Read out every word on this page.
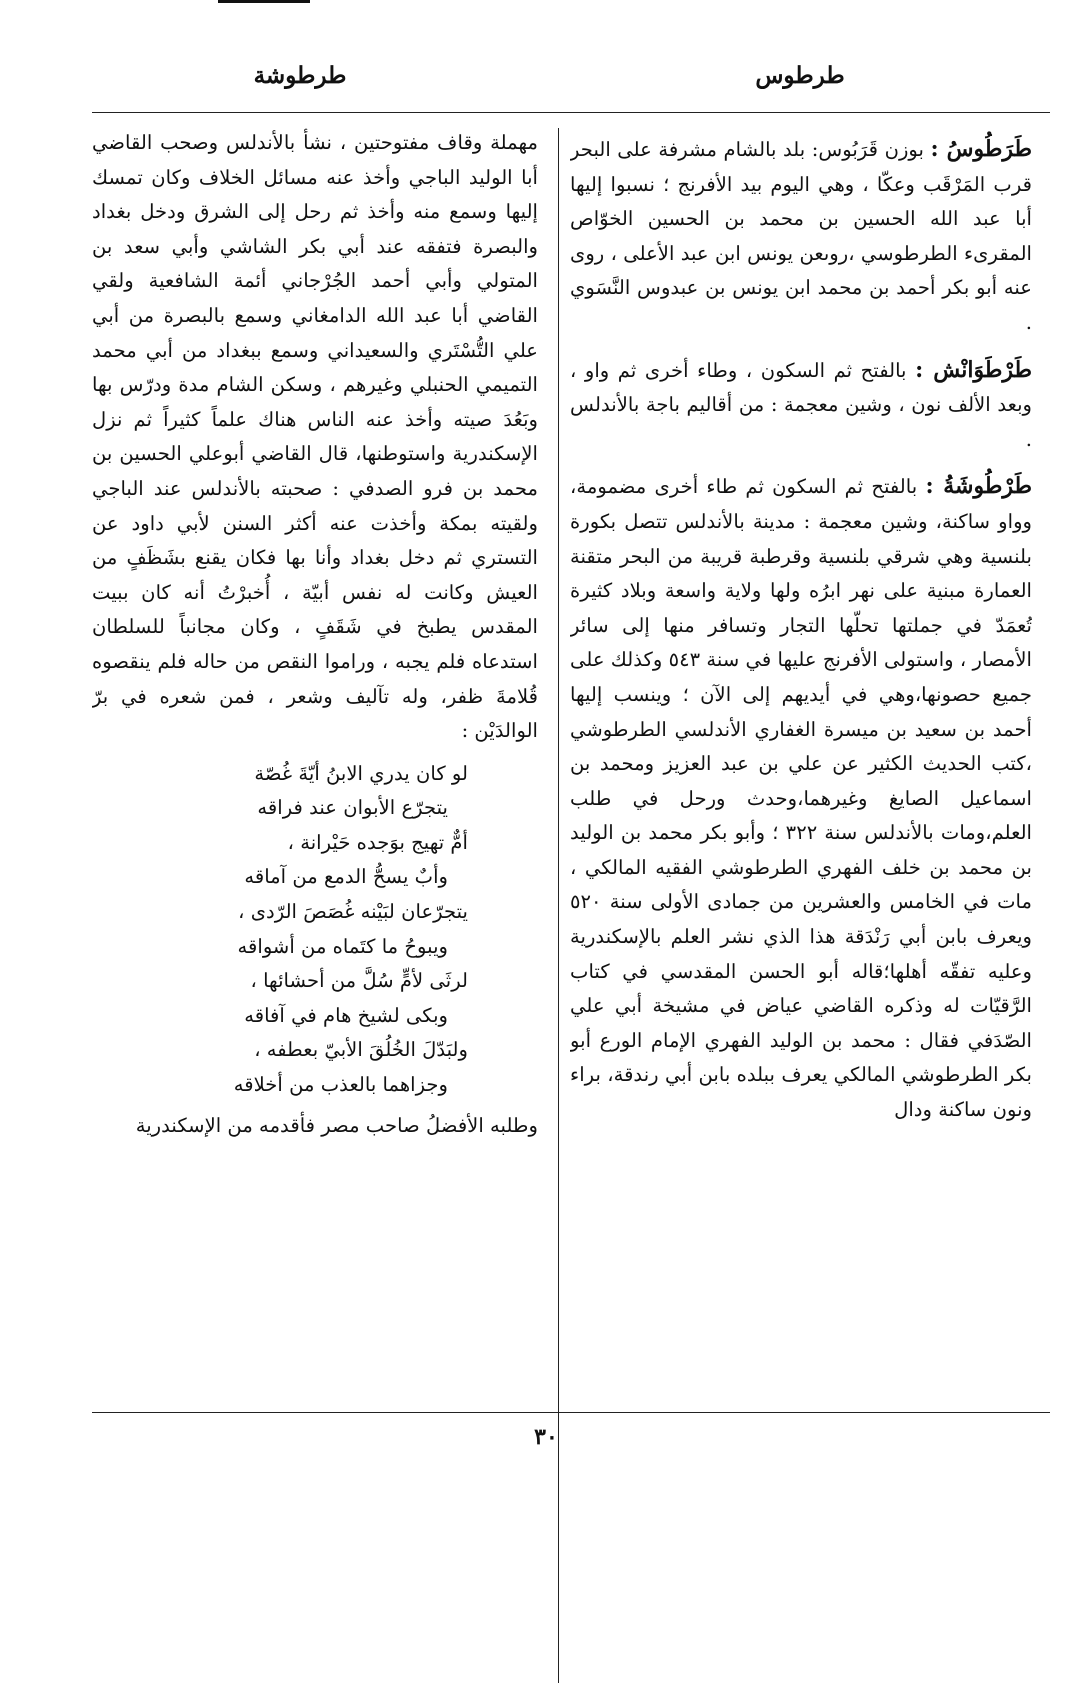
طرطوس
طرطوشة

طَرَطُوسُ : بوزن قَرَبُوس: بلد بالشام مشرفة على البحر قرب المَرْقَب وعكّا ، وهي اليوم بيد الأفرنج ؛ نسبوا إليها أبا عبد الله الحسين بن محمد بن الحسين الخوّاص المقرىء الطرطوسي ،روىعن يونس ابن عبد الأعلى ، روى عنه أبو بكر أحمد بن محمد ابن يونس بن عبدوس النَّسَوي .

طَرْطَوَانْش : بالفتح ثم السكون ، وطاء أخرى ثم واو ، وبعد الألف نون ، وشين معجمة : من أقاليم باجة بالأندلس .

طَرْطُوشَةُ : بالفتح ثم السكون ثم طاء أخرى مضمومة، وواو ساكنة، وشين معجمة : مدينة بالأندلس تتصل بكورة بلنسية وهي شرقي بلنسية وقرطبة قريبة من البحر متقنة العمارة مبنية على نهر ابرُه ولها ولاية واسعة وبلاد كثيرة تُعمَدّ في جملتها تحلّها التجار وتسافر منها إلى سائر الأمصار ، واستولى الأفرنج عليها في سنة ٥٤٣ وكذلك على جميع حصونها،وهي في أيديهم إلى الآن ؛ وينسب إليها أحمد بن سعيد بن ميسرة الغفاري الأندلسي الطرطوشي ،كتب الحديث الكثير عن علي بن عبد العزيز ومحمد بن اسماعيل الصايغ وغيرهما،وحدث ورحل في طلب العلم،ومات بالأندلس سنة ٣٢٢ ؛ وأبو بكر محمد بن الوليد بن محمد بن خلف الفهري الطرطوشي الفقيه المالكي ، مات في الخامس والعشرين من جمادى الأولى سنة ٥٢٠ ويعرف بابن أبي رَنْدَقة هذا الذي نشر العلم بالإسكندرية وعليه تفقّه أهلها؛قاله أبو الحسن المقدسي في كتاب الرَّقيّات له وذكره القاضي عياض في مشيخة أبي علي الصّدَفي فقال : محمد بن الوليد الفهري الإمام الورع أبو بكر الطرطوشي المالكي يعرف ببلده بابن أبي رندقة، براء ونون ساكنة ودال

مهملة وقاف مفتوحتين ، نشأ بالأندلس وصحب القاضي أبا الوليد الباجي وأخذ عنه مسائل الخلاف وكان تمسك إليها وسمع منه وأخذ ثم رحل إلى الشرق ودخل بغداد والبصرة فتفقه عند أبي بكر الشاشي وأبي سعد بن المتولي وأبي أحمد الجُرْجاني أئمة الشافعية ولقي القاضي أبا عبد الله الدامغاني وسمع بالبصرة من أبي علي التُّسْتَري والسعيداني وسمع ببغداد من أبي محمد التميمي الحنبلي وغيرهم ، وسكن الشام مدة ودرّس بها وبَعُدَ صيته وأخذ عنه الناس هناك علماً كثيراً ثم نزل الإسكندرية واستوطنها، قال القاضي أبوعلي الحسين بن محمد بن فرو الصدفي : صحبته بالأندلس عند الباجي ولقيته بمكة وأخذت عنه أكثر السنن لأبي داود عن التستري ثم دخل بغداد وأنا بها فكان يقنع بشَظَفٍ من العيش وكانت له نفس أبيّة ، أُخبرْتُ أنه كان ببيت المقدس يطبخ في شَقَفٍ ، وكان مجانباً للسلطان استدعاه فلم يجبه ، وراموا النقص من حاله فلم ينقصوه قُلامةَ ظفر، وله تآليف وشعر ، فمن شعره في برّ الوالدَيْن :

لو كان يدري الابنُ أيّةَ غُصّة
يتجرّع الأبوان عند فراقه
أمٌّ تهيج بوَجده حَيْرانة ،
وأبٌ يسحُّ الدمع من آماقه
يتجرّعان لبَيْنه غُصَصَ الرّدى ،
ويبوحُ ما كتَماه من أشواقه
لرثَى لأمٍّ سُلَّ من أحشائها ،
وبكى لشيخ هام في آفاقه
ولبَدّلَ الخُلُقَ الأبيّ بعطفه ،
وجزاهما بالعذب من أخلاقه

وطلبه الأفضلُ صاحب مصر فأقدمه من الإسكندرية

٣٠
